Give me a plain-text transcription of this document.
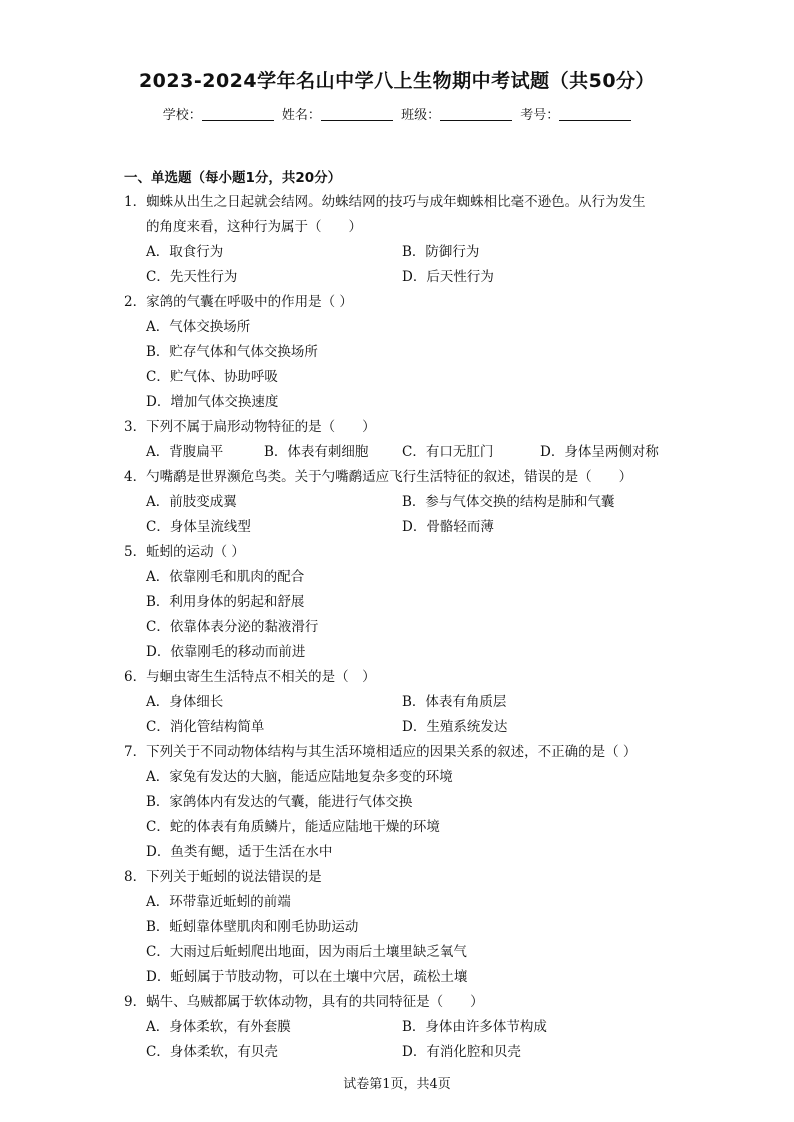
2023-2024学年名山中学八上生物期中考试题（共50分）
学校：	姓名：	班级：	考号：
一、单选题（每小题1分，共20分）
1．蜘蛛从出生之日起就会结网。幼蛛结网的技巧与成年蜘蛛相比毫不逊色。从行为发生
的角度来看，这种行为属于（　　）
A．取食行为	B．防御行为
C．先天性行为	D．后天性行为
2．家鸽的气囊在呼吸中的作用是（ ）
A．气体交换场所
B．贮存气体和气体交换场所
C．贮气体、协助呼吸
D．增加气体交换速度
3．下列不属于扁形动物特征的是（　　）
A．背腹扁平	B．体表有刺细胞 C．有口无肛门	D．身体呈两侧对称
4．勺嘴鹬是世界濒危鸟类。关于勺嘴鹬适应飞行生活特征的叙述，错误的是（　　）
A．前肢变成翼	B．参与气体交换的结构是肺和气囊
C．身体呈流线型	D．骨骼轻而薄
5．蚯蚓的运动（ ）
A．依靠刚毛和肌肉的配合
B．利用身体的躬起和舒展
C．依靠体表分泌的黏液滑行
D．依靠刚毛的移动而前进
6．与蛔虫寄生生活特点不相关的是（　）
A．身体细长	B．体表有角质层
C．消化管结构简单	D．生殖系统发达
7．下列关于不同动物体结构与其生活环境相适应的因果关系的叙述，不正确的是（ ）
A．家兔有发达的大脑，能适应陆地复杂多变的环境
B．家鸽体内有发达的气囊，能进行气体交换
C．蛇的体表有角质鳞片，能适应陆地干燥的环境
D．鱼类有鳃，适于生活在水中
8．下列关于蚯蚓的说法错误的是
A．环带靠近蚯蚓的前端
B．蚯蚓靠体壁肌肉和刚毛协助运动
C．大雨过后蚯蚓爬出地面，因为雨后土壤里缺乏氧气
D．蚯蚓属于节肢动物，可以在土壤中穴居，疏松土壤
9．蜗牛、乌贼都属于软体动物，具有的共同特征是（　　）
A．身体柔软，有外套膜	B．身体由许多体节构成
C．身体柔软，有贝壳	D．有消化腔和贝壳
试卷第1页，共4页
